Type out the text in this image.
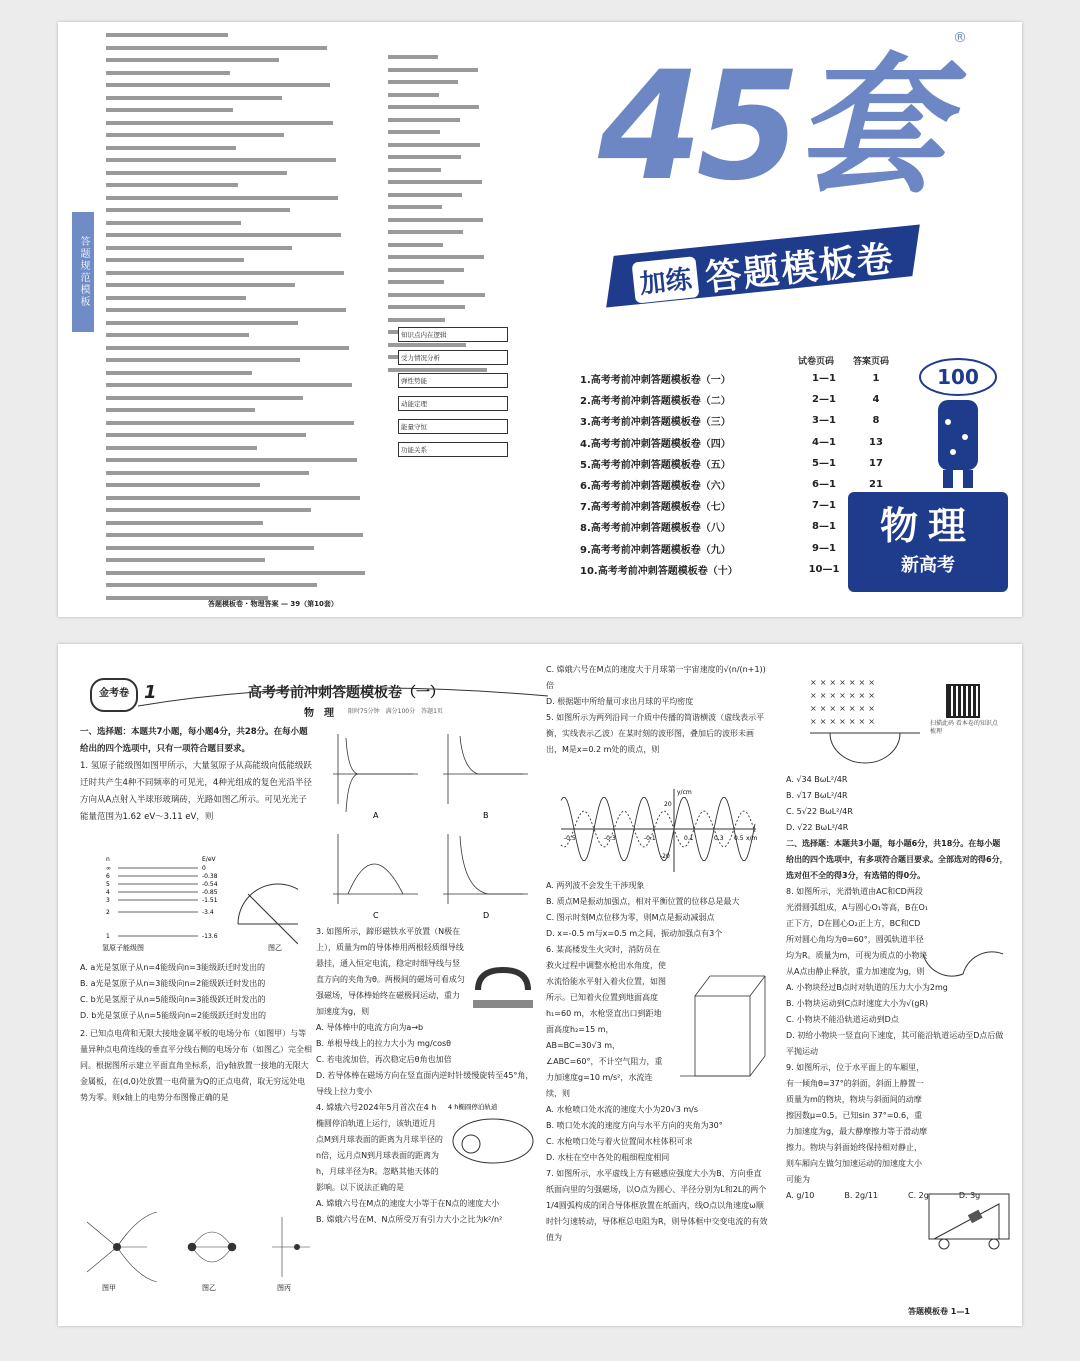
答题规范模板
知识点内在逻辑
受力情况分析
弹性势能
动能定理
能量守恒
功能关系
答题模板卷 · 物理答案 — 39（第10套）
45套
®
加练 答题模板卷
试卷页码 答案页码
1.高考考前冲刺答题模板卷（一）	1—1	1
2.高考考前冲刺答题模板卷（二）	2—1	4
3.高考考前冲刺答题模板卷（三）	3—1	8
4.高考考前冲刺答题模板卷（四）	4—1	13
5.高考考前冲刺答题模板卷（五）	5—1	17
6.高考考前冲刺答题模板卷（六）	6—1	21
7.高考考前冲刺答题模板卷（七）	7—1
8.高考考前冲刺答题模板卷（八）	8—1
9.高考考前冲刺答题模板卷（九）	9—1
10.高考考前冲刺答题模板卷（十）	10—1
100
物理
新高考
金考卷 1	高考考前冲刺答题模板卷（一）
物　理 限时75分钟　满分100分　答题1页
一、选择题：本题共7小题，每小题4分，共28分。在每小题给出的四个选项中，只有一项符合题目要求。
1. 氢原子能级图如图甲所示，大量氢原子从高能级向低能级跃迁时共产生4种不同频率的可见光，4种光组成的复色光沿半径方向从A点射入半球形玻璃砖，光路如图乙所示。可见光光子能量范围为1.62 eV～3.11 eV，则
0
∞
-0.38
6
-0.54
5
-0.85
4
-1.51
3
-3.4
2
-13.6
1
E/eV
n
氢原子能级图	图乙
A. a光是氢原子从n=4能级向n=3能级跃迁时发出的
B. a光是氢原子从n=3能级向n=2能级跃迁时发出的
C. b光是氢原子从n=5能级向n=3能级跃迁时发出的
D. b光是氢原子从n=5能级向n=2能级跃迁时发出的
2. 已知点电荷和无限大接地金属平板的电场分布（如图甲）与等量异种点电荷连线的垂直平分线右侧的电场分布（如图乙）完全相同。根据图所示建立平面直角坐标系，沿y轴放置一接地的无限大金属板，在(d,0)处放置一电荷量为Q的正点电荷，取无穷远处电势为零。则x轴上的电势分布图像正确的是
图甲	图乙	图丙
A	B
C	D
3. 如图所示，蹄形磁铁水平放置（N极在上），质量为m的导体棒用两根轻质细导线悬挂，通入恒定电流，稳定时细导线与竖直方向的夹角为θ。两极间的磁场可看成匀强磁场，导体棒始终在磁极间运动，重力加速度为g，则
A. 导体棒中的电流方向为a→b
B. 单根导线上的拉力大小为 mg/cosθ
C. 若电流加倍，再次稳定后θ角也加倍
D. 若导体棒在磁场方向在竖直面内逆时针缓慢旋转至45°角，导线上拉力变小
4. 嫦娥六号2024年5月首次在4 h椭圆停泊轨道上运行，该轨道近月点M到月球表面的距离为月球半径的n倍，远月点N到月球表面的距离为h，月球半径为R。忽略其他天体的影响。以下说法正确的是
A. 嫦娥六号在M点的速度大小等于在N点的速度大小
B. 嫦娥六号在M、N点所受万有引力大小之比为k²/n²
4 h椭圆停泊轨道
C. 嫦娥六号在M点的速度大于月球第一宇宙速度的√(n/(n+1))倍
D. 根据题中所给量可求出月球的平均密度
5. 如图所示为两列沿同一介质中传播的简谐横波（虚线表示平衡，实线表示乙波）在某时刻的波形图，叠加后的波形未画出，M是x=0.2 m处的质点，则
y/cm
x/m
20
-20
-0.5	-0.3	-0.1	0.1	0.3 0.5
A. 两列波不会发生干涉现象
B. 质点M是振动加强点，相对平衡位置的位移总是最大
C. 图示时刻M点位移为零，则M点是振动减弱点
D. x=-0.5 m与x=0.5 m之间，振动加强点有3个
6. 某高楼发生火灾时，消防员在救火过程中调整水枪出水角度，使水流恰能水平射入着火位置，如图所示。已知着火位置到地面高度h₁=60 m，水枪竖直出口到距地面高度h₂=15 m，AB=BC=30√3 m，∠ABC=60°，不计空气阻力，重力加速度g=10 m/s²，水流连续，则
A. 水枪喷口处水流的速度大小为20√3 m/s
B. 喷口处水流的速度方向与水平方向的夹角为30°
C. 水枪喷口处与着火位置间水柱体积可求
D. 水柱在空中各处的粗细程度相同
7. 如图所示，水平虚线上方有磁感应强度大小为B、方向垂直纸面向里的匀强磁场，以O点为圆心、半径分别为L和2L的两个1/4圆弧构成的闭合导体框放置在纸面内，线O点以角速度ω顺时针匀速转动，导体框总电阻为R，则导体框中交变电流的有效值为
×××××××
×××××××
×××××××
×××××××	扫描此码 看本卷的知识点梳理
A. √34 BωL²/4R
B. √17 BωL²/4R
C. 5√22 BωL²/4R
D. √22 BωL²/4R
二、选择题：本题共3小题，每小题6分，共18分。在每小题给出的四个选项中，有多项符合题目要求。全部选对的得6分，选对但不全的得3分，有选错的得0分。
8. 如图所示，光滑轨道由AC和CD两段光滑圆弧组成，A与圆心O₁等高，B在O₁正下方，D在圆心O₂正上方，BC和CD所对圆心角均为θ=60°，圆弧轨道半径均为R。质量为m，可视为质点的小物块从A点由静止释放，重力加速度为g，则
A. 小物块经过B点时对轨道的压力大小为2mg
B. 小物块运动到C点时速度大小为√(gR)
C. 小物块不能沿轨道运动到D点
D. 初给小物块一竖直向下速度，其可能沿轨道运动至D点后做平抛运动
9. 如图所示，位于水平面上的车厢里，有一倾角θ=37°的斜面，斜面上静置一质量为m的物块，物块与斜面间的动摩擦因数μ=0.5。已知sin 37°=0.6，重力加速度为g，最大静摩擦力等于滑动摩擦力。物块与斜面始终保持相对静止，则车厢向左做匀加速运动的加速度大小可能为
A. g/10	B. 2g/11	C. 2g	D. 3g
答题模板卷 1—1
